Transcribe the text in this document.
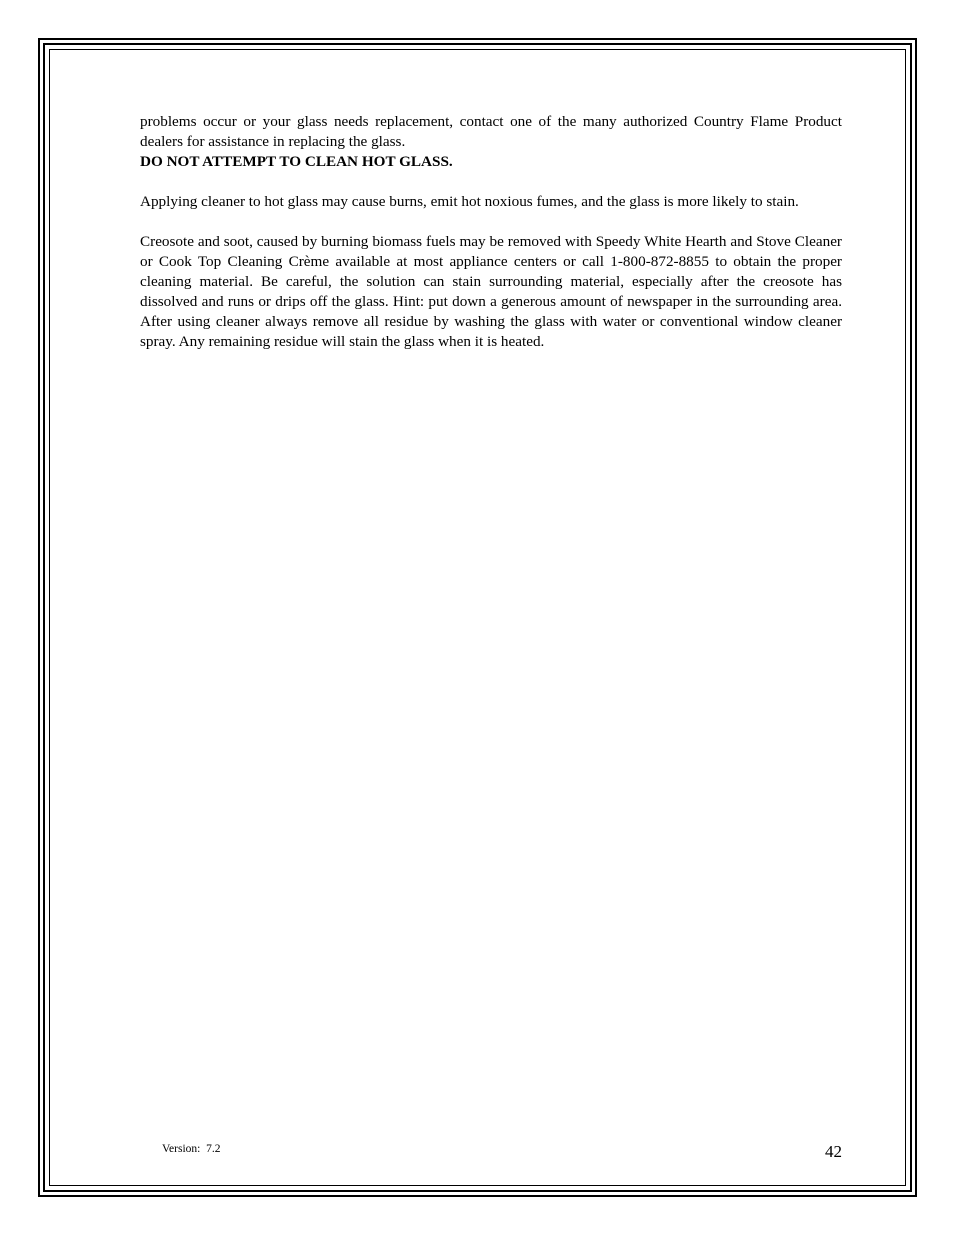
problems occur or your glass needs replacement, contact one of the many authorized Country Flame Product dealers for assistance in replacing the glass.

DO NOT ATTEMPT TO CLEAN HOT GLASS.

Applying cleaner to hot glass may cause burns, emit hot noxious fumes, and the glass is more likely to stain.

Creosote and soot, caused by burning biomass fuels may be removed with Speedy White Hearth and Stove Cleaner or Cook Top Cleaning Crème available at most appliance centers or call 1-800-872-8855 to obtain the proper cleaning material. Be careful, the solution can stain surrounding material, especially after the creosote has dissolved and runs or drips off the glass. Hint: put down a generous amount of newspaper in the surrounding area. After using cleaner always remove all residue by washing the glass with water or conventional window cleaner spray. Any remaining residue will stain the glass when it is heated.

Version:  7.2	42
